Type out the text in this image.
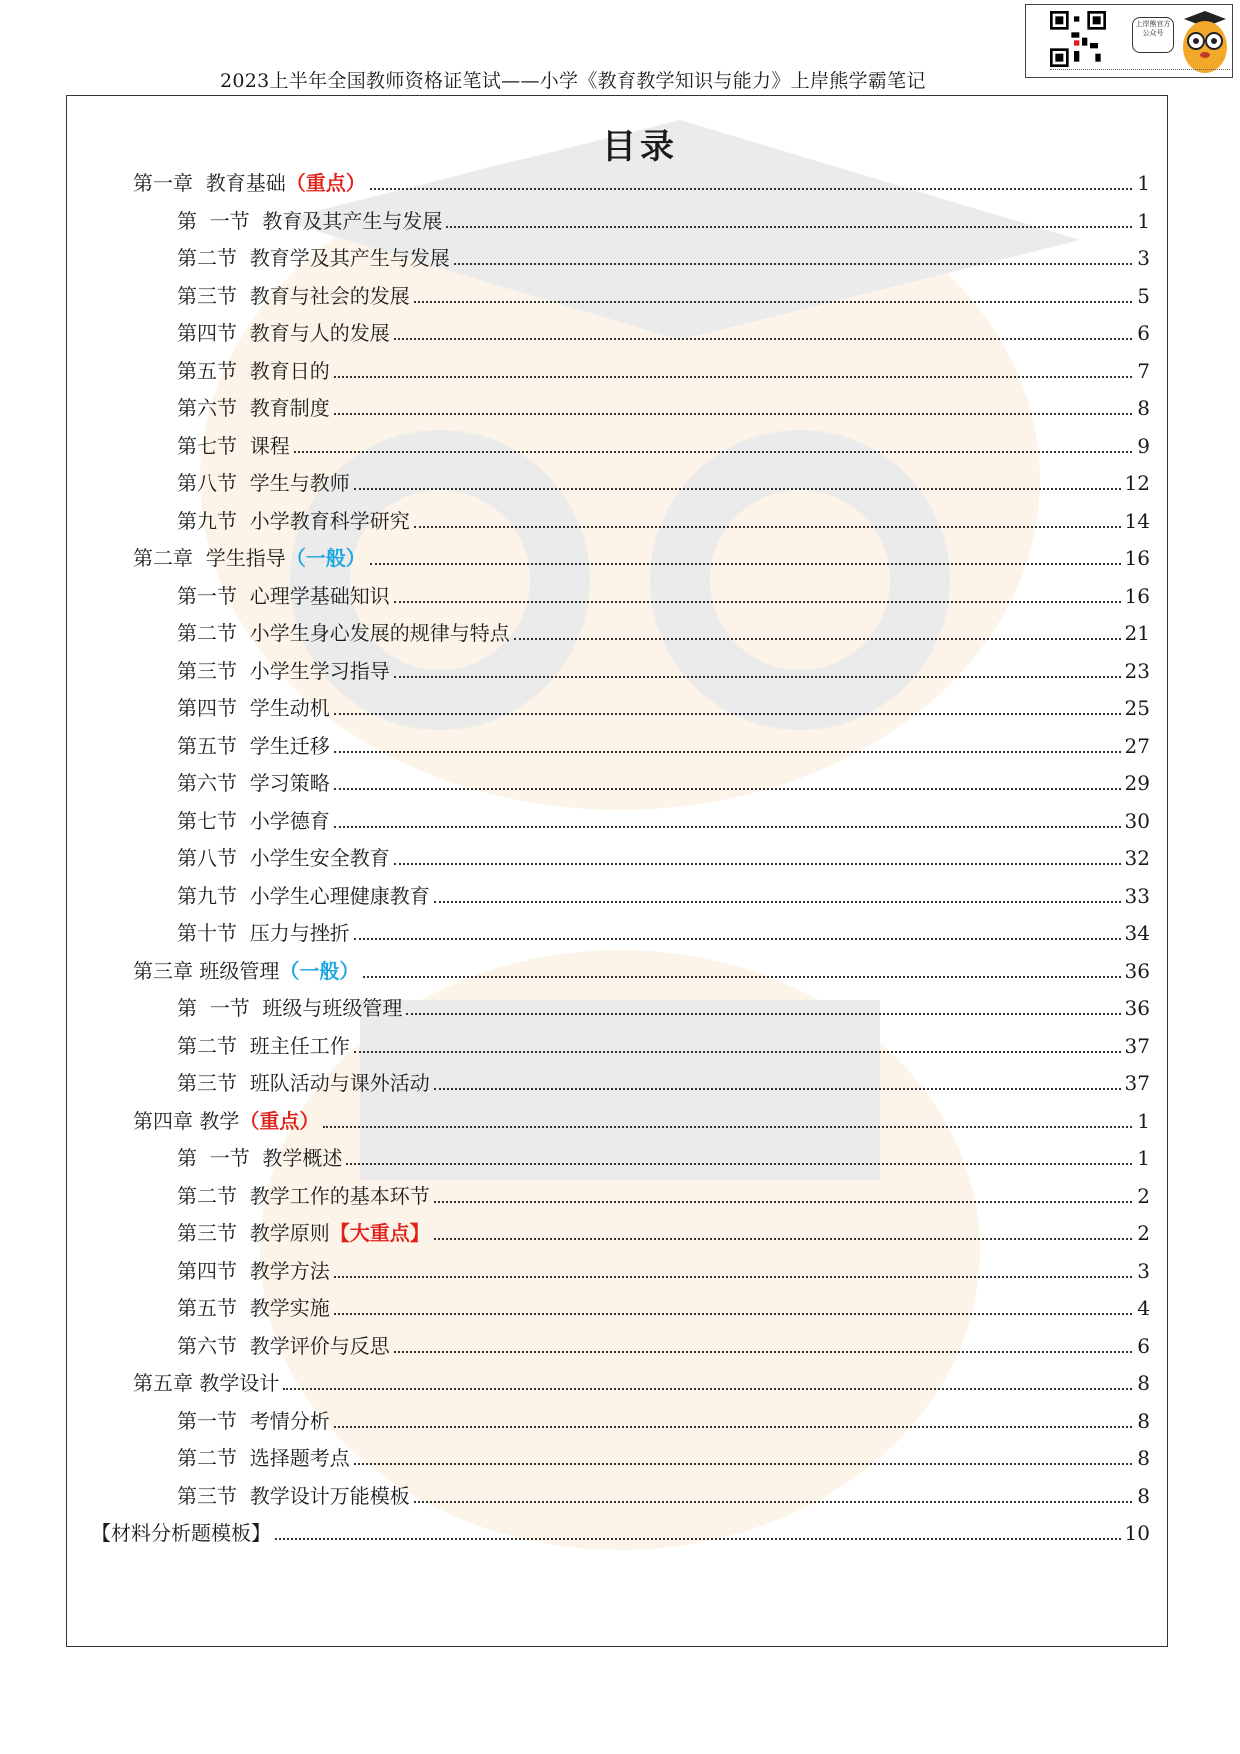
2023上半年全国教师资格证笔试——小学《教育教学知识与能力》上岸熊学霸笔记
上岸熊官方公众号
目录
第一章  教育基础 （重点）	1
第  一节  教育及其产生与发展	1
第二节  教育学及其产生与发展	3
第三节  教育与社会的发展	5
第四节  教育与人的发展	6
第五节  教育日的	7
第六节  教育制度	8
第七节  课程	9
第八节  学生与教师	12
第九节  小学教育科学研究	14
第二章  学生指导 （一般）	16
第一节  心理学基础知识	16
第二节  小学生身心发展的规律与特点	21
第三节  小学生学习指导	23
第四节  学生动机	25
第五节  学生迁移	27
第六节  学习策略	29
第七节  小学德育	30
第八节  小学生安全教育	32
第九节  小学生心理健康教育	33
第十节  压力与挫折	34
第三章 班级管理 （一般）	36
第  一节  班级与班级管理	36
第二节  班主任工作	37
第三节  班队活动与课外活动	37
第四章 教学 （重点）	1
第  一节  教学概述	1
第二节  教学工作的基本环节	2
第三节  教学原则 【大重点】	2
第四节  教学方法	3
第五节  教学实施	4
第六节  教学评价与反思	6
第五章 教学设计	8
第一节  考情分析	8
第二节  选择题考点	8
第三节  教学设计万能模板	8
【材料分析题模板】	10
